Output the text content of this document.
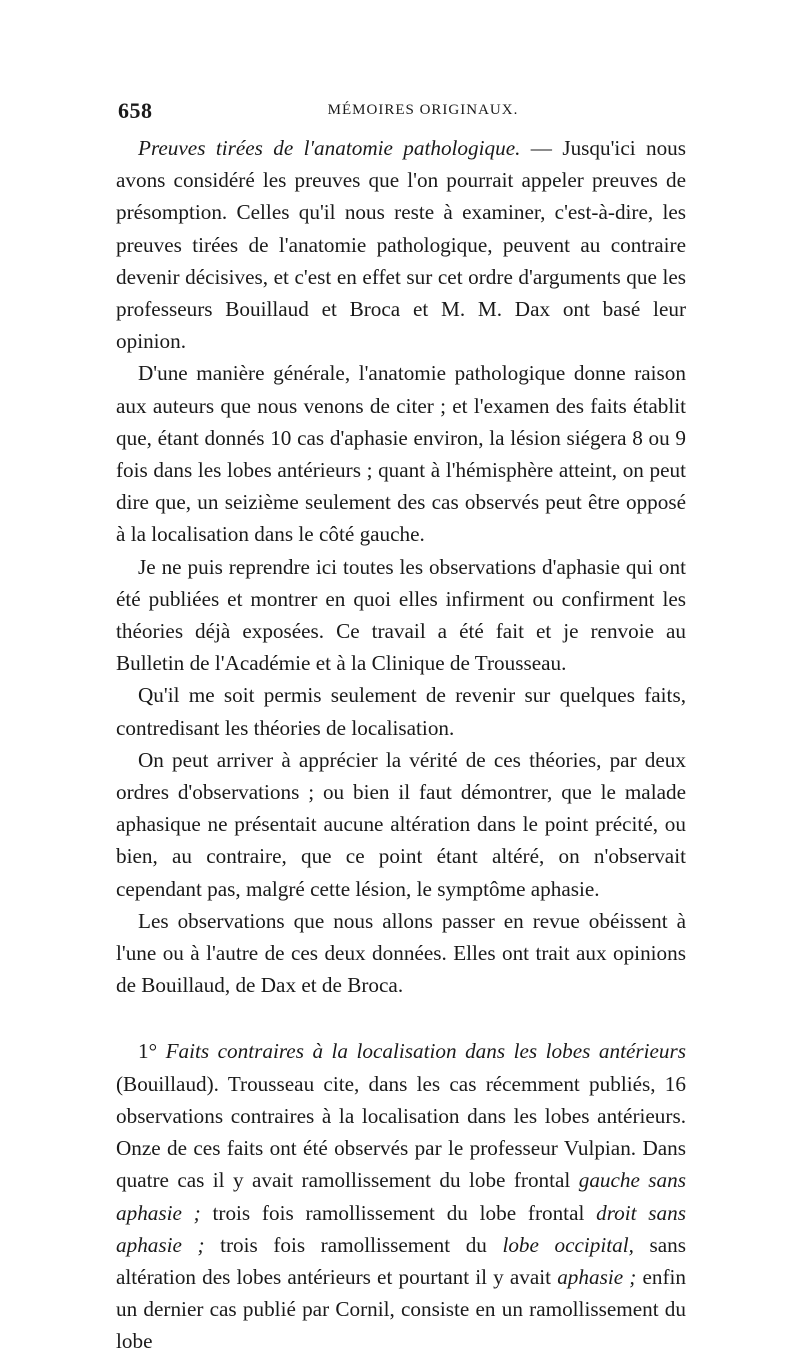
658	MÉMOIRES ORIGINAUX.

Preuves tirées de l'anatomie pathologique. — Jusqu'ici nous avons considéré les preuves que l'on pourrait appeler preuves de présomption. Celles qu'il nous reste à examiner, c'est-à-dire, les preuves tirées de l'anatomie pathologique, peuvent au contraire devenir décisives, et c'est en effet sur cet ordre d'arguments que les professeurs Bouillaud et Broca et M. M. Dax ont basé leur opinion.

D'une manière générale, l'anatomie pathologique donne raison aux auteurs que nous venons de citer ; et l'examen des faits établit que, étant donnés 10 cas d'aphasie environ, la lésion siégera 8 ou 9 fois dans les lobes antérieurs ; quant à l'hémisphère atteint, on peut dire que, un seizième seulement des cas observés peut être opposé à la localisation dans le côté gauche.

Je ne puis reprendre ici toutes les observations d'aphasie qui ont été publiées et montrer en quoi elles infirment ou confirment les théories déjà exposées. Ce travail a été fait et je renvoie au Bulletin de l'Académie et à la Clinique de Trousseau.

Qu'il me soit permis seulement de revenir sur quelques faits, contredisant les théories de localisation.

On peut arriver à apprécier la vérité de ces théories, par deux ordres d'observations ; ou bien il faut démontrer, que le malade aphasique ne présentait aucune altération dans le point précité, ou bien, au contraire, que ce point étant altéré, on n'observait cependant pas, malgré cette lésion, le symptôme aphasie.

Les observations que nous allons passer en revue obéissent à l'une ou à l'autre de ces deux données. Elles ont trait aux opinions de Bouillaud, de Dax et de Broca.

1° Faits contraires à la localisation dans les lobes antérieurs (Bouillaud). Trousseau cite, dans les cas récemment publiés, 16 observations contraires à la localisation dans les lobes antérieurs. Onze de ces faits ont été observés par le professeur Vulpian. Dans quatre cas il y avait ramollissement du lobe frontal gauche sans aphasie ; trois fois ramollissement du lobe frontal droit sans aphasie ; trois fois ramollissement du lobe occipital, sans altération des lobes antérieurs et pourtant il y avait aphasie ; enfin un dernier cas publié par Cornil, consiste en un ramollissement du lobe
